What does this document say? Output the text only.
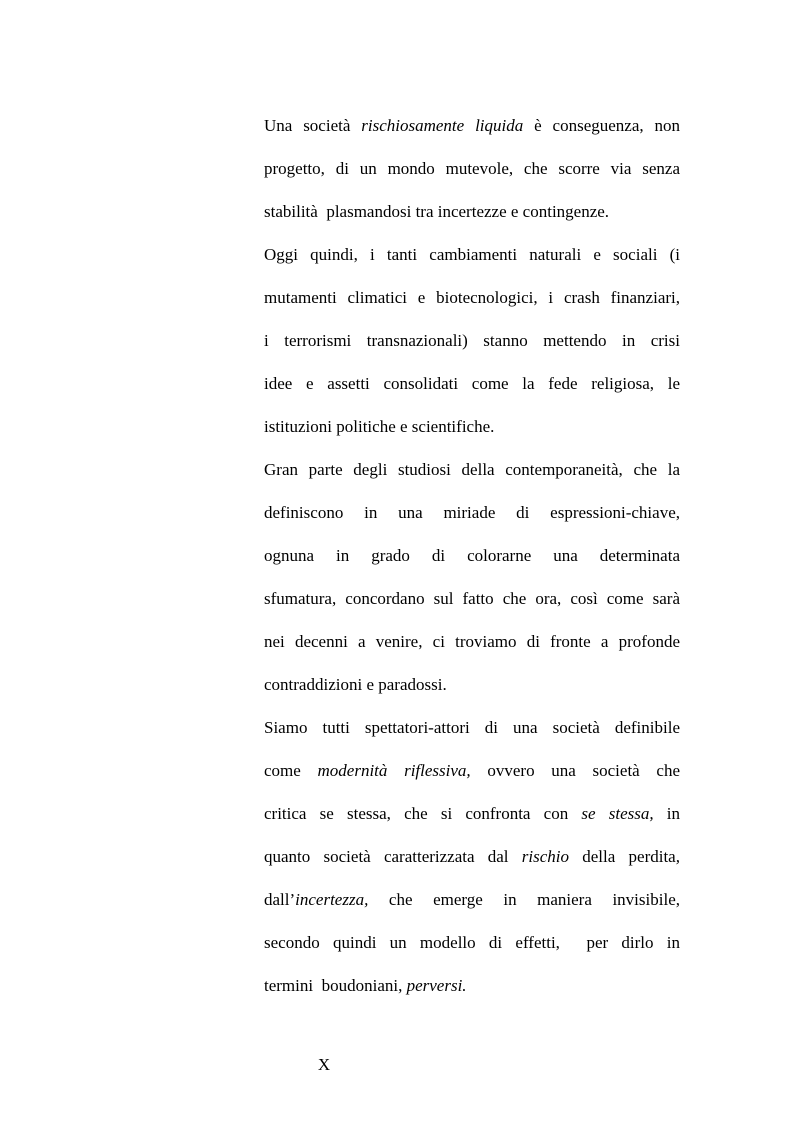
Una società rischiosamente liquida è conseguenza, non
progetto, di un mondo mutevole, che scorre via senza
stabilità  plasmandosi tra incertezze e contingenze.
Oggi quindi, i tanti cambiamenti naturali e sociali (i
mutamenti climatici e biotecnologici, i crash finanziari,
i terrorismi transnazionali) stanno mettendo in crisi
idee e assetti consolidati come la fede religiosa, le
istituzioni politiche e scientifiche.
Gran parte degli studiosi della contemporaneità, che la
definiscono in una miriade di espressioni-chiave,
ognuna in grado di colorarne una determinata
sfumatura, concordano sul fatto che ora, così come sarà
nei decenni a venire, ci troviamo di fronte a profonde
contraddizioni e paradossi.
Siamo tutti spettatori-attori di una società definibile
come modernità riflessiva, ovvero una società che
critica se stessa, che si confronta con se stessa, in
quanto società caratterizzata dal rischio della perdita,
dall’incertezza, che emerge in maniera invisibile,
secondo quindi un modello di effetti,  per dirlo in
termini  boudoniani, perversi.
X
